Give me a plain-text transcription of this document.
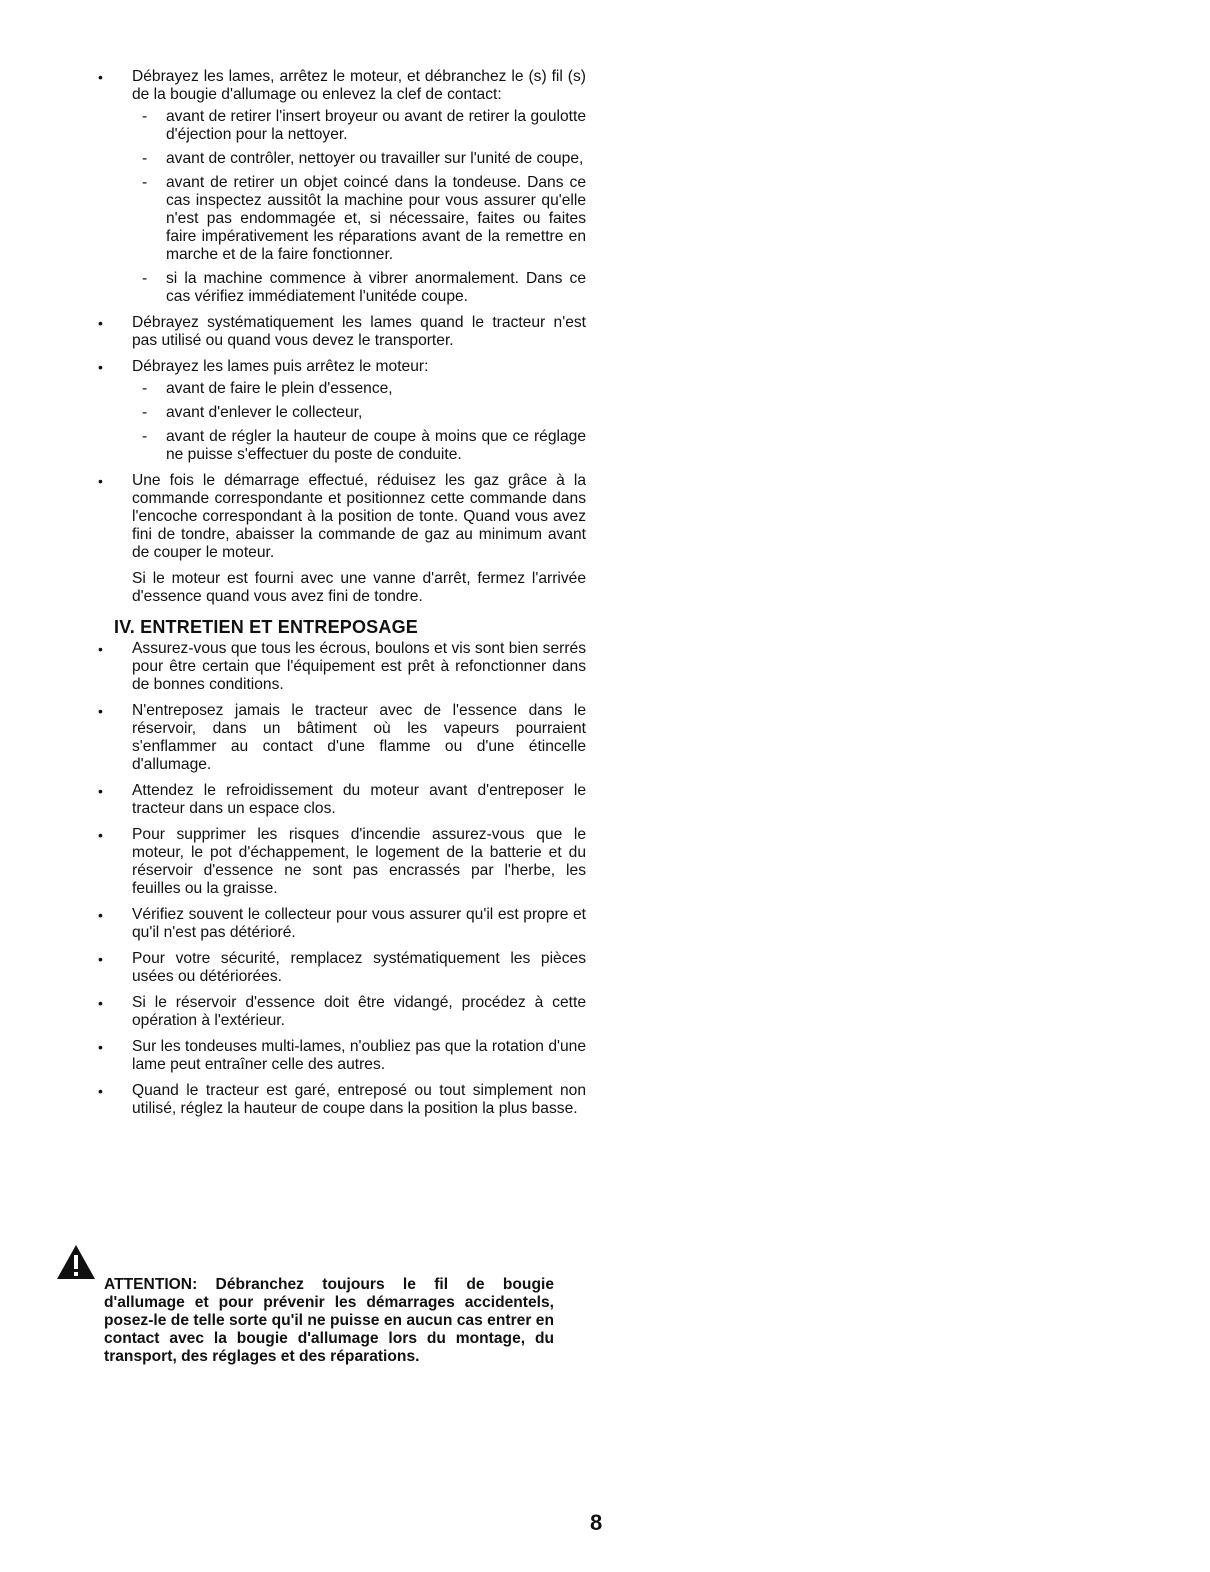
• Débrayez les lames, arrêtez le moteur, et débranchez le (s) fil (s) de la bougie d'allumage ou enlevez la clef de contact:
- avant de retirer l'insert broyeur ou avant de retirer la goulotte d'éjection pour la nettoyer.
- avant de contrôler, nettoyer ou travailler sur l'unité de coupe,
- avant de retirer un objet coincé dans la tondeuse. Dans ce cas inspectez aussitôt la machine pour vous assurer qu'elle n'est pas endommagée et, si nécessaire, faites ou faites faire impérativement les réparations avant de la remettre en marche et de la faire fonctionner.
- si la machine commence à vibrer anormalement. Dans ce cas vérifiez immédiatement l'unitéde coupe.
• Débrayez systématiquement les lames quand le tracteur n'est pas utilisé ou quand vous devez le transporter.
• Débrayez les lames puis arrêtez le moteur:
- avant de faire le plein d'essence,
- avant d'enlever le collecteur,
- avant de régler la hauteur de coupe à moins que ce réglage ne puisse s'effectuer du poste de conduite.
• Une fois le démarrage effectué, réduisez les gaz grâce à la commande correspondante et positionnez cette commande dans l'encoche correspondant à la position de tonte. Quand vous avez fini de tondre, abaisser la commande de gaz au minimum avant de couper le moteur.

Si le moteur est fourni avec une vanne d'arrêt, fermez l'arrivée d'essence quand vous avez fini de tondre.

IV. ENTRETIEN ET ENTREPOSAGE
• Assurez-vous que tous les écrous, boulons et vis sont bien serrés pour être certain que l'équipement est prêt à refonctionner dans de bonnes conditions.
• N'entreposez jamais le tracteur avec de l'essence dans le réservoir, dans un bâtiment où les vapeurs pourraient s'enflammer au contact d'une flamme ou d'une étincelle d'allumage.
• Attendez le refroidissement du moteur avant d'entreposer le tracteur dans un espace clos.
• Pour supprimer les risques d'incendie assurez-vous que le moteur, le pot d'échappement, le logement de la batterie et du réservoir d'essence ne sont pas encrassés par l'herbe, les feuilles ou la graisse.
• Vérifiez souvent le collecteur pour vous assurer qu'il est propre et qu'il n'est pas détérioré.
• Pour votre sécurité, remplacez systématiquement les pièces usées ou détériorées.
• Si le réservoir d'essence doit être vidangé, procédez à cette opération à l'extérieur.
• Sur les tondeuses multi-lames, n'oubliez pas que la rotation d'une lame peut entraîner celle des autres.
• Quand le tracteur est garé, entreposé ou tout simplement non utilisé, réglez la hauteur de coupe dans la position la plus basse.
ATTENTION: Débranchez toujours le fil de bougie d'allumage et pour prévenir les démarrages accidentels, posez-le de telle sorte qu'il ne puisse en aucun cas entrer en contact avec la bougie d'allumage lors du montage, du transport, des réglages et des réparations.
8
